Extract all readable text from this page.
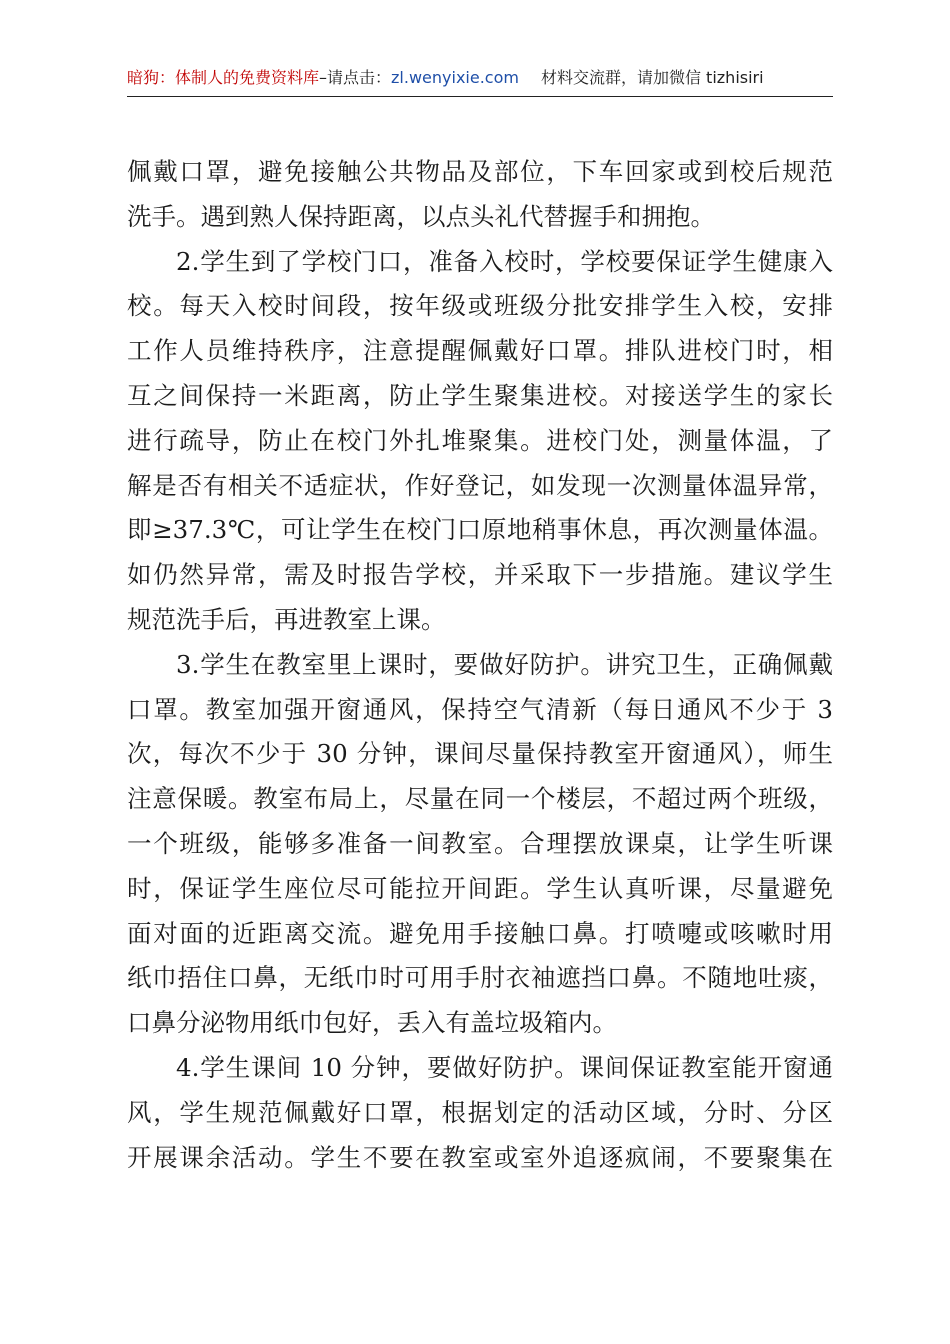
暗狗：体制人的免费资料库–请点击：zl.wenyixie.com 材料交流群，请加微信 tizhisiri
佩戴口罩，避免接触公共物品及部位，下车回家或到校后规范
洗手。遇到熟人保持距离，以点头礼代替握手和拥抱。
2.学生到了学校门口，准备入校时，学校要保证学生健康入
校。每天入校时间段，按年级或班级分批安排学生入校，安排
工作人员维持秩序，注意提醒佩戴好口罩。排队进校门时，相
互之间保持一米距离，防止学生聚集进校。对接送学生的家长
进行疏导，防止在校门外扎堆聚集。进校门处，测量体温，了
解是否有相关不适症状，作好登记，如发现一次测量体温异常，
即≥37.3℃，可让学生在校门口原地稍事休息，再次测量体温。
如仍然异常，需及时报告学校，并采取下一步措施。建议学生
规范洗手后，再进教室上课。
3.学生在教室里上课时，要做好防护。讲究卫生，正确佩戴
口罩。教室加强开窗通风，保持空气清新（每日通风不少于 3
次，每次不少于 30 分钟，课间尽量保持教室开窗通风），师生
注意保暖。教室布局上，尽量在同一个楼层，不超过两个班级，
一个班级，能够多准备一间教室。合理摆放课桌，让学生听课
时，保证学生座位尽可能拉开间距。学生认真听课，尽量避免
面对面的近距离交流。避免用手接触口鼻。打喷嚏或咳嗽时用
纸巾捂住口鼻，无纸巾时可用手肘衣袖遮挡口鼻。不随地吐痰，
口鼻分泌物用纸巾包好，丢入有盖垃圾箱内。
4.学生课间 10 分钟，要做好防护。课间保证教室能开窗通
风，学生规范佩戴好口罩，根据划定的活动区域，分时、分区
开展课余活动。学生不要在教室或室外追逐疯闹，不要聚集在
